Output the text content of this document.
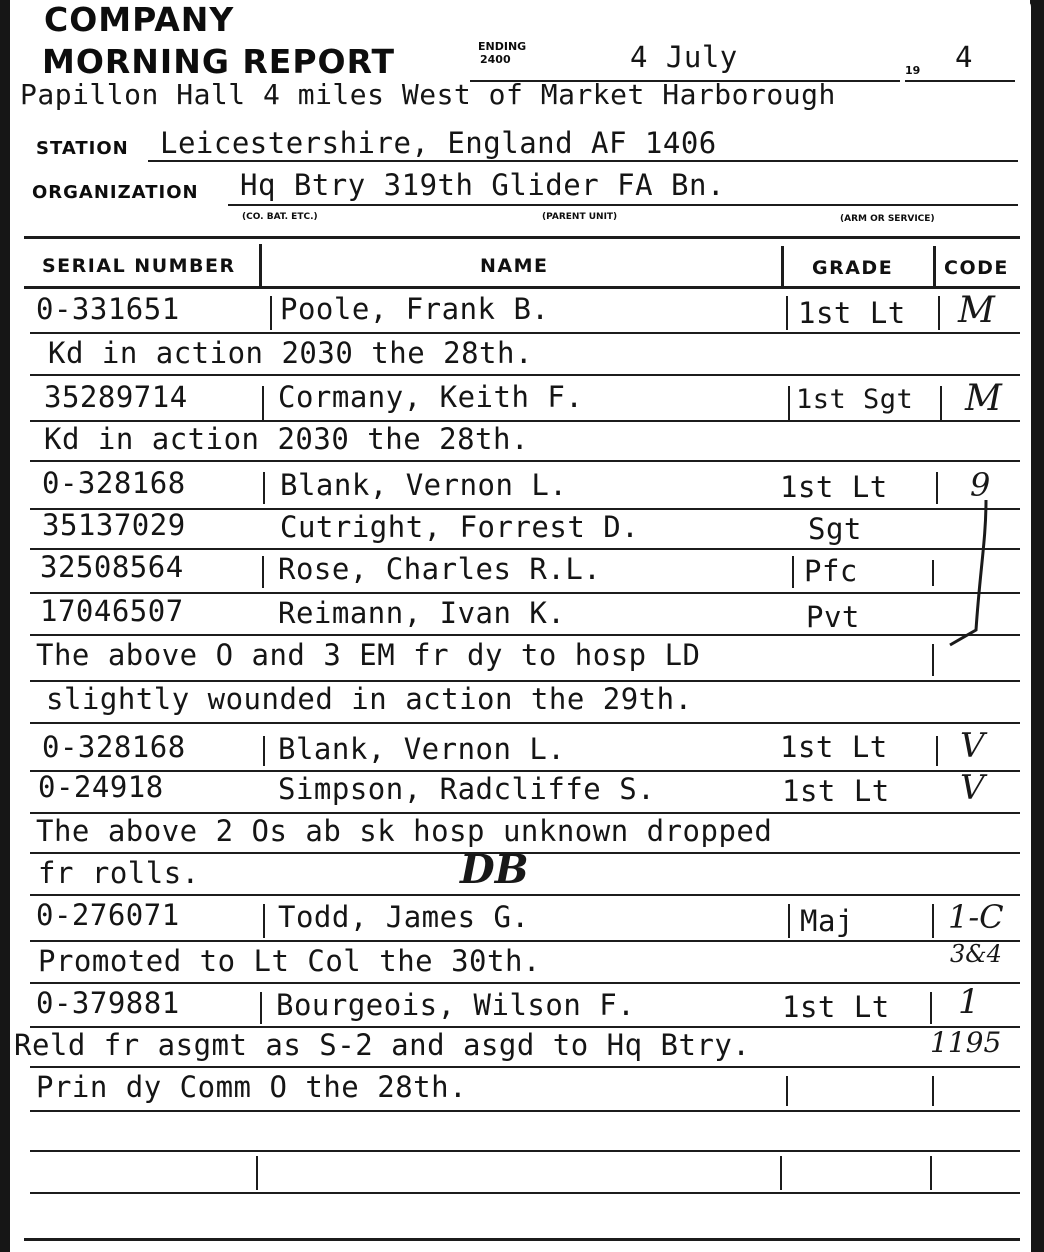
COMPANY
MORNING REPORT	ENDING
2400	4 July	19 4
Papillon Hall 4 miles West of Market Harborough
STATION Leicestershire, England AF 1406
ORGANIZATION Hq Btry 319th Glider FA Bn.
(CO. BAT. ETC.)	(PARENT UNIT)	(ARM OR SERVICE)
SERIAL NUMBER	NAME	GRADE	CODE
0-331651	Poole, Frank B.	1st Lt M
Kd in action 2030 the 28th.
35289714	Cormany, Keith F.	1st Sgt M
Kd in action 2030 the 28th.
0-328168	Blank, Vernon L.	1st Lt	9
35137029	Cutright, Forrest D.	Sgt
32508564	Rose, Charles R.L.	Pfc
17046507	Reimann, Ivan K.	Pvt
The above O and 3 EM fr dy to hosp LD
slightly wounded in action the 29th.
0-328168	Blank, Vernon L.	1st Lt V
0-24918	Simpson, Radcliffe S.	1st Lt V
The above 2 Os ab sk hosp unknown dropped
fr rolls.	DB
0-276071	Todd, James G.	Maj	1-C
Promoted to Lt Col the 30th.	3&4
0-379881	Bourgeois, Wilson F.	1st Lt 1
Reld fr asgmt as S-2 and asgd to Hq Btry.	1195
Prin dy Comm O the 28th.
